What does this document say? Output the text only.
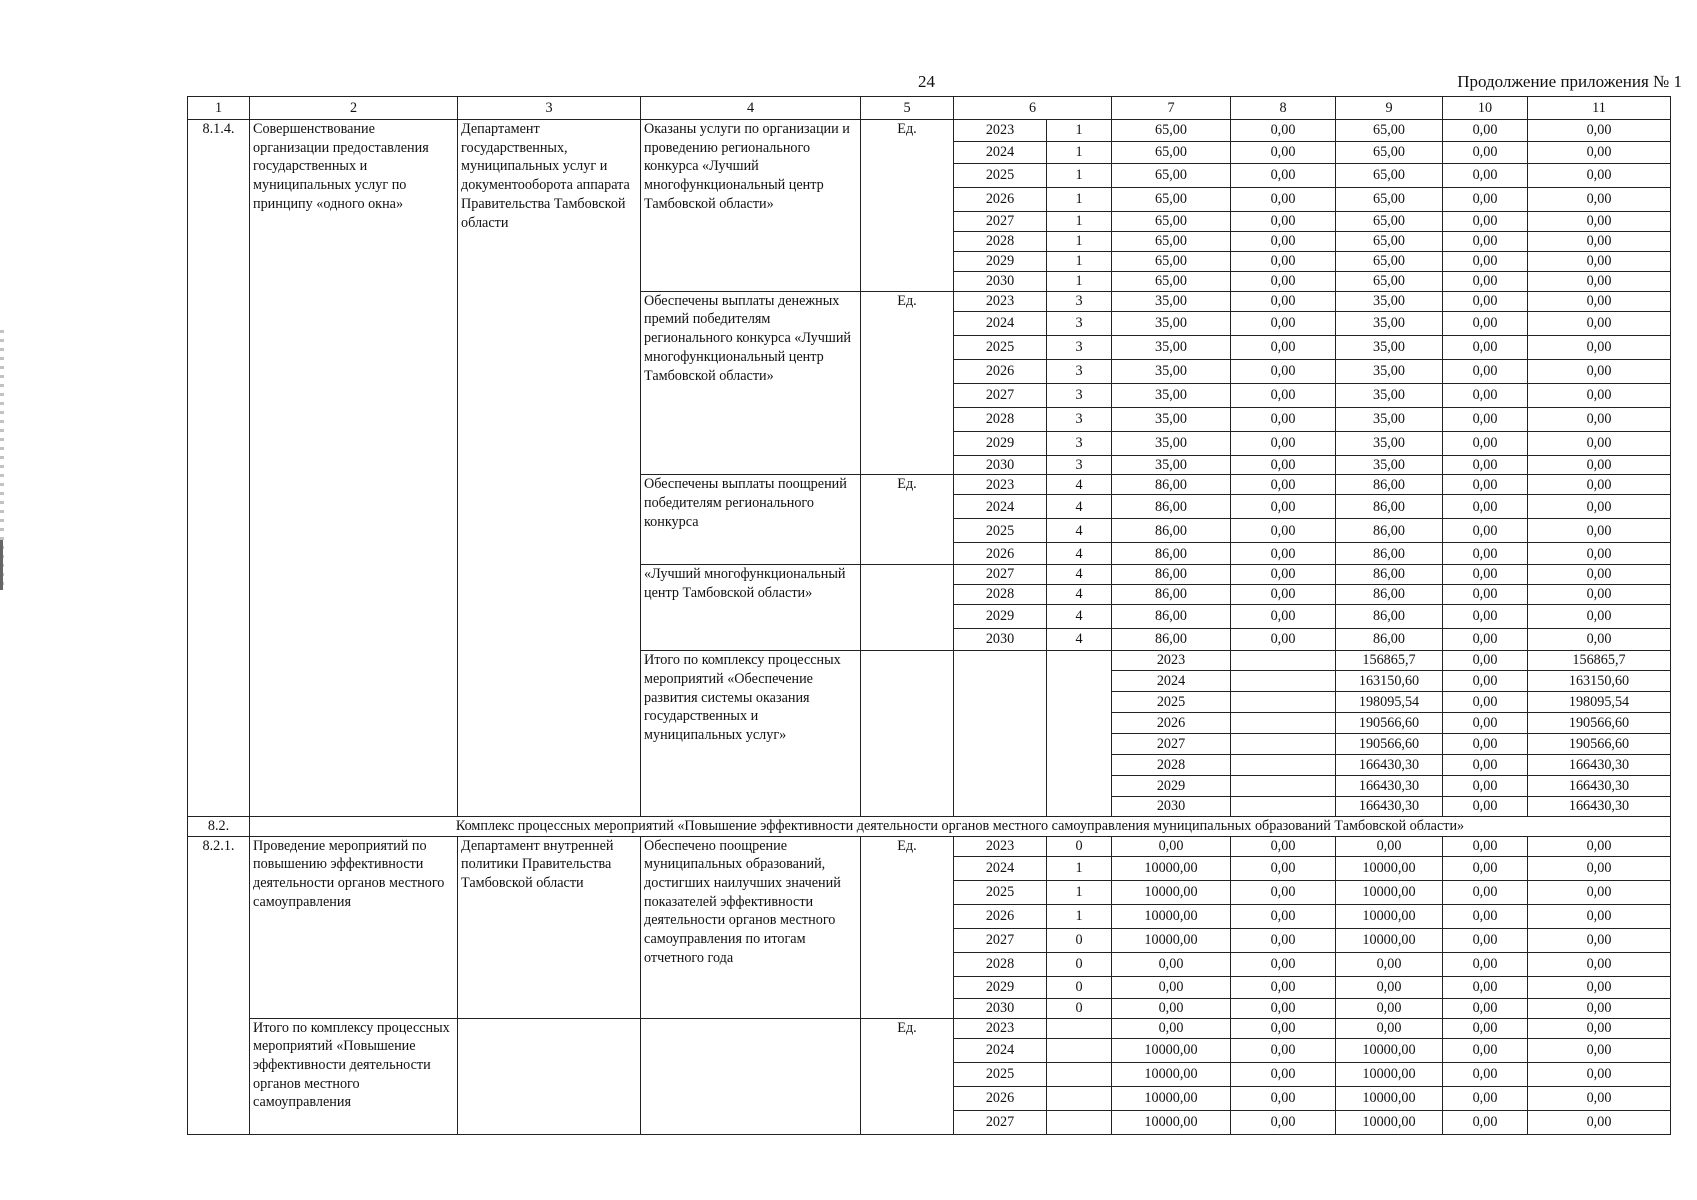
24	Продолжение приложения № 1
1	2	3	4	5	6		7	8	9	10	11	
8.1.4.	Совершенствование организации предоставления государственных и муниципальных услуг по принципу «одного окна»	Департамент государственных, муниципальных услуг и документооборота аппарата Правительства Тамбовской области	Оказаны услуги по организации и проведению регионального конкурса «Лучший многофункциональный центр Тамбовской области»	Ед.	2023	1	65,00	0,00	65,00	0,00	0,00	
					2024	1	65,00	0,00	65,00	0,00	0,00	
					2025	1	65,00	0,00	65,00	0,00	0,00	
					2026	1	65,00	0,00	65,00	0,00	0,00	
					2027	1	65,00	0,00	65,00	0,00	0,00	
					2028	1	65,00	0,00	65,00	0,00	0,00	
					2029	1	65,00	0,00	65,00	0,00	0,00	
					2030	1	65,00	0,00	65,00	0,00	0,00	
			Обеспечены выплаты денежных премий победителям регионального конкурса «Лучший многофункциональный центр Тамбовской области»	Ед.	2023	3	35,00	0,00	35,00	0,00	0,00	
					2024	3	35,00	0,00	35,00	0,00	0,00	
					2025	3	35,00	0,00	35,00	0,00	0,00	
					2026	3	35,00	0,00	35,00	0,00	0,00	
					2027	3	35,00	0,00	35,00	0,00	0,00	
					2028	3	35,00	0,00	35,00	0,00	0,00	
					2029	3	35,00	0,00	35,00	0,00	0,00	
					2030	3	35,00	0,00	35,00	0,00	0,00	
			Обеспечены выплаты поощрений победителям регионального конкурса	Ед.	2023	4	86,00	0,00	86,00	0,00	0,00	
					2024	4	86,00	0,00	86,00	0,00	0,00	
					2025	4	86,00	0,00	86,00	0,00	0,00	
					2026	4	86,00	0,00	86,00	0,00	0,00	
			«Лучший многофункциональный центр Тамбовской области»		2027	4	86,00	0,00	86,00	0,00	0,00	
					2028	4	86,00	0,00	86,00	0,00	0,00	
					2029	4	86,00	0,00	86,00	0,00	0,00	
					2030	4	86,00	0,00	86,00	0,00	0,00	
			Итого по комплексу процессных мероприятий «Обеспечение развития системы оказания государственных и муниципальных услуг»				2023		156865,7	0,00	156865,7		
							2024		163150,60	0,00	163150,60		
							2025		198095,54	0,00	198095,54		
							2026		190566,60	0,00	190566,60		
							2027		190566,60	0,00	190566,60		
							2028		166430,30	0,00	166430,30		
							2029		166430,30	0,00	166430,30		
							2030		166430,30	0,00	166430,30		
8.2.	Комплекс процессных мероприятий «Повышение эффективности деятельности органов местного самоуправления муниципальных образований Тамбовской области»											
8.2.1.	Проведение мероприятий по повышению эффективности деятельности органов местного самоуправления	Департамент внутренней политики Правительства Тамбовской области	Обеспечено поощрение муниципальных образований, достигших наилучших значений показателей эффективности деятельности органов местного самоуправления по итогам отчетного года	Ед.	2023	0	0,00	0,00	0,00	0,00	0,00	
					2024	1	10000,00	0,00	10000,00	0,00	0,00	
					2025	1	10000,00	0,00	10000,00	0,00	0,00	
					2026	1	10000,00	0,00	10000,00	0,00	0,00	
					2027	0	10000,00	0,00	10000,00	0,00	0,00	
					2028	0	0,00	0,00	0,00	0,00	0,00	
					2029	0	0,00	0,00	0,00	0,00	0,00	
					2030	0	0,00	0,00	0,00	0,00	0,00	
	Итого по комплексу процессных мероприятий «Повышение эффективности деятельности органов местного самоуправления			Ед.	2023		0,00	0,00	0,00	0,00	0,00	
					2024		10000,00	0,00	10000,00	0,00	0,00	
					2025		10000,00	0,00	10000,00	0,00	0,00	
					2026		10000,00	0,00	10000,00	0,00	0,00	
					2027		10000,00	0,00	10000,00	0,00	0,00	
